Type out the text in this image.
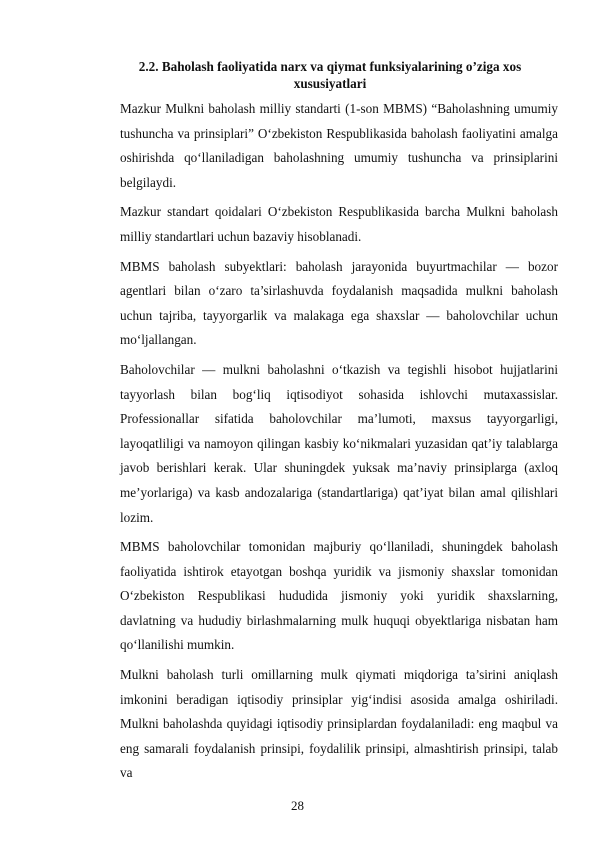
2.2. Baholash faoliyatida narx va qiymat funksiyalarining o’ziga xos xususiyatlari

Mazkur Mulkni baholash milliy standarti (1-son MBMS) “Baholashning umumiy tushuncha va prinsiplari” O‘zbekiston Respublikasida baholash faoliyatini amalga oshirishda qo‘llaniladigan baholashning umumiy tushuncha va prinsiplarini belgilaydi.

Mazkur standart qoidalari O‘zbekiston Respublikasida barcha Mulkni baholash milliy standartlari uchun bazaviy hisoblanadi.

MBMS baholash subyektlari: baholash jarayonida buyurtmachilar — bozor agentlari bilan o‘zaro ta’sirlashuvda foydalanish maqsadida mulkni baholash uchun tajriba, tayyorgarlik va malakaga ega shaxslar — baholovchilar uchun mo‘ljallangan.

Baholovchilar — mulkni baholashni o‘tkazish va tegishli hisobot hujjatlarini tayyorlash bilan bog‘liq iqtisodiyot sohasida ishlovchi mutaxassislar. Professionallar sifatida baholovchilar ma’lumoti, maxsus tayyorgarligi, layoqatliligi va namoyon qilingan kasbiy ko‘nikmalari yuzasidan qat’iy talablarga javob berishlari kerak. Ular shuningdek yuksak ma’naviy prinsiplarga (axloq me’yorlariga) va kasb andozalariga (standartlariga) qat’iyat bilan amal qilishlari lozim.

MBMS baholovchilar tomonidan majburiy qo‘llaniladi, shuningdek baholash faoliyatida ishtirok etayotgan boshqa yuridik va jismoniy shaxslar tomonidan O‘zbekiston Respublikasi hududida jismoniy yoki yuridik shaxslarning, davlatning va hududiy birlashmalarning mulk huquqi obyektlariga nisbatan ham qo‘llanilishi mumkin.

Mulkni baholash turli omillarning mulk qiymati miqdoriga ta’sirini aniqlash imkonini beradigan iqtisodiy prinsiplar yig‘indisi asosida amalga oshiriladi. Mulkni baholashda quyidagi iqtisodiy prinsiplardan foydalaniladi: eng maqbul va eng samarali foydalanish prinsipi, foydalilik prinsipi, almashtirish prinsipi, talab va

28
